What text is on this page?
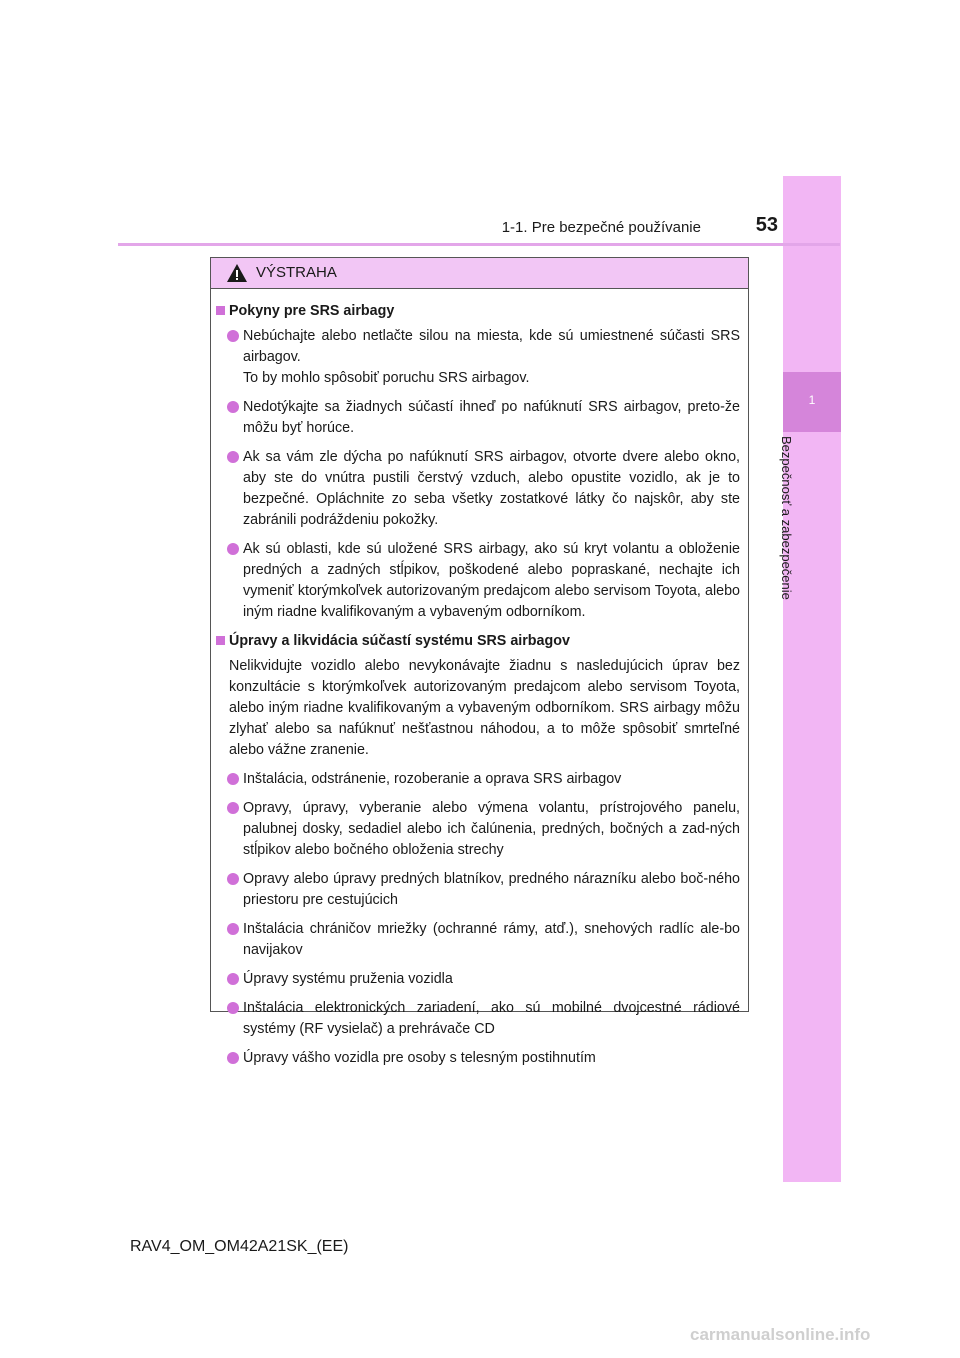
1
Bezpečnosť a zabezpečenie
1-1. Pre bezpečné používanie	53
VÝSTRAHA
Pokyny pre SRS airbagy
Nebúchajte alebo netlačte silou na miesta, kde sú umiestnené súčasti SRS airbagov.
To by mohlo spôsobiť poruchu SRS airbagov.
Nedotýkajte sa žiadnych súčastí ihneď po nafúknutí SRS airbagov, preto-že môžu byť horúce.
Ak sa vám zle dýcha po nafúknutí SRS airbagov, otvorte dvere alebo okno, aby ste do vnútra pustili čerstvý vzduch, alebo opustite vozidlo, ak je to bezpečné. Opláchnite zo seba všetky zostatkové látky čo najskôr, aby ste zabránili podráždeniu pokožky.
Ak sú oblasti, kde sú uložené SRS airbagy, ako sú kryt volantu a obloženie predných a zadných stĺpikov, poškodené alebo popraskané, nechajte ich vymeniť ktorýmkoľvek autorizovaným predajcom alebo servisom Toyota, alebo iným riadne kvalifikovaným a vybaveným odborníkom.
Úpravy a likvidácia súčastí systému SRS airbagov
Nelikvidujte vozidlo alebo nevykonávajte žiadnu s nasledujúcich úprav bez konzultácie s ktorýmkoľvek autorizovaným predajcom alebo servisom Toyota, alebo iným riadne kvalifikovaným a vybaveným odborníkom. SRS airbagy môžu zlyhať alebo sa nafúknuť nešťastnou náhodou, a to môže spôsobiť smrteľné alebo vážne zranenie.
Inštalácia, odstránenie, rozoberanie a oprava SRS airbagov
Opravy, úpravy, vyberanie alebo výmena volantu, prístrojového panelu, palubnej dosky, sedadiel alebo ich čalúnenia, predných, bočných a zad-ných stĺpikov alebo bočného obloženia strechy
Opravy alebo úpravy predných blatníkov, predného nárazníku alebo boč-ného priestoru pre cestujúcich
Inštalácia chráničov mriežky (ochranné rámy, atď.), snehových radlíc ale-bo navijakov
Úpravy systému pruženia vozidla
Inštalácia elektronických zariadení, ako sú mobilné dvojcestné rádiové systémy (RF vysielač) a prehrávače CD
Úpravy vášho vozidla pre osoby s telesným postihnutím
RAV4_OM_OM42A21SK_(EE)
carmanualsonline.info
